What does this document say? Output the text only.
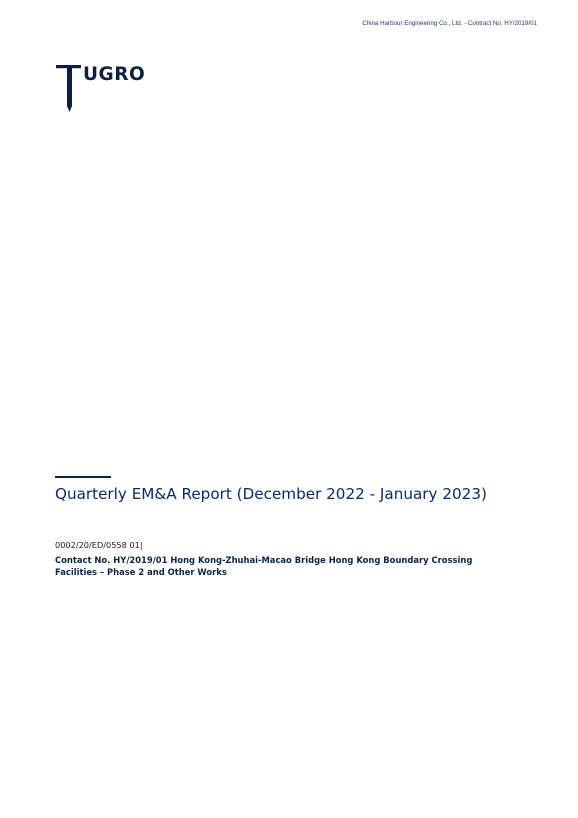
China Harbour Engineering Co., Ltd. - Contract No. HY/2019/01
UGRO
Quarterly EM&A Report (December 2022 - January 2023)
0002/20/ED/0558 01|
Contact No. HY/2019/01 Hong Kong-Zhuhai-Macao Bridge Hong Kong Boundary Crossing
Facilities – Phase 2 and Other Works
